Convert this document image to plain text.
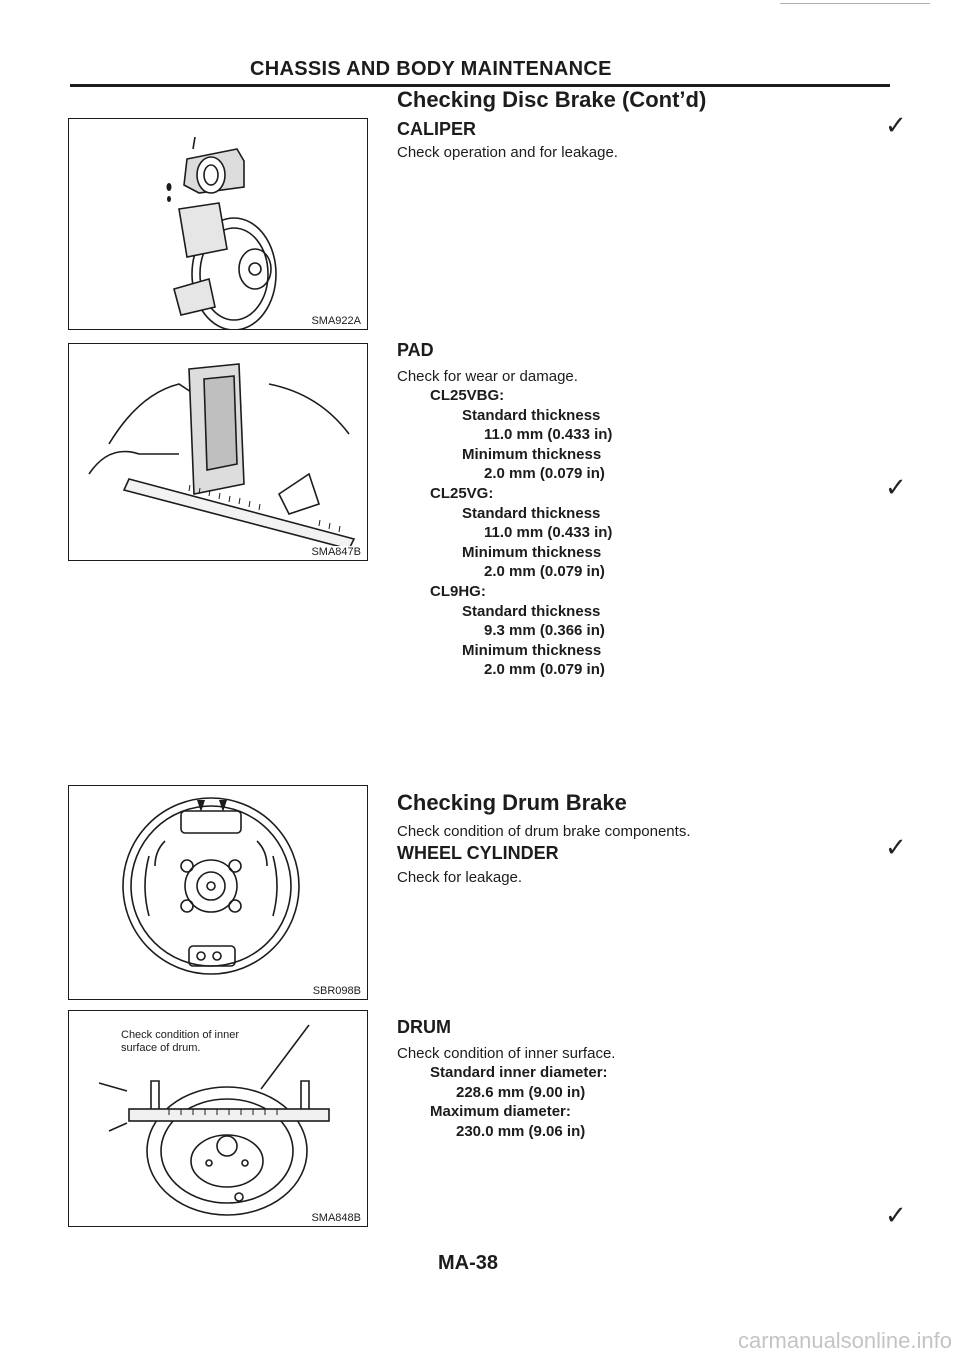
CHASSIS AND BODY MAINTENANCE
Checking Disc Brake (Cont’d)
CALIPER
Check operation and for leakage.
PAD
Check for wear or damage.
CL25VBG:
Standard thickness
11.0 mm (0.433 in)
Minimum thickness
2.0 mm (0.079 in)
CL25VG:
Standard thickness
11.0 mm (0.433 in)
Minimum thickness
2.0 mm (0.079 in)
CL9HG:
Standard thickness
9.3 mm (0.366 in)
Minimum thickness
2.0 mm (0.079 in)
Checking Drum Brake
Check condition of drum brake components.
WHEEL CYLINDER
Check for leakage.
DRUM
Check condition of inner surface.
Standard inner diameter:
228.6 mm (9.00 in)
Maximum diameter:
230.0 mm (9.06 in)
SMA922A
SMA847B
SBR098B
Check condition of inner
surface of drum.
SMA848B
✓
✓
✓
✓
MA-38
carmanualsonline.info
